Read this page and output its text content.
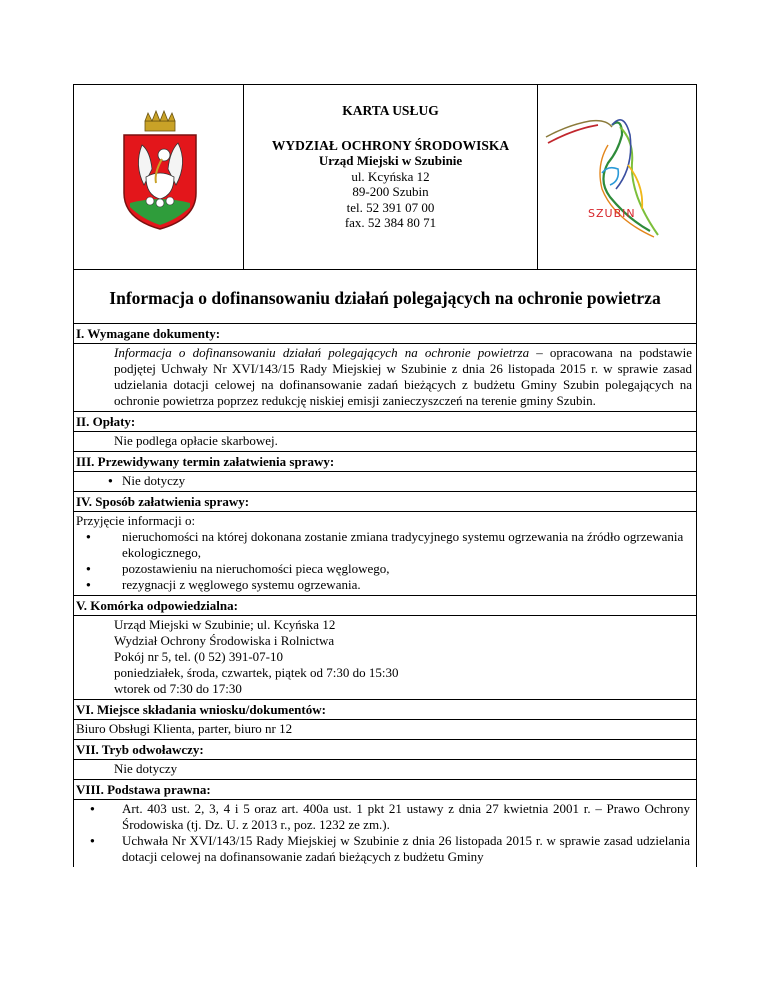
KARTA USŁUG
WYDZIAŁ OCHRONY ŚRODOWISKA
Urząd Miejski w Szubinie
ul. Kcyńska 12
89-200 Szubin
tel. 52 391 07 00
fax. 52 384 80 71

SZUBIN

Informacja o dofinansowaniu działań polegających na ochronie powietrza

I. Wymagane dokumenty:

Informacja o dofinansowaniu działań polegających na ochronie powietrza – opracowana na podstawie podjętej Uchwały Nr XVI/143/15 Rady Miejskiej w Szubinie z dnia 26 listopada 2015 r. w sprawie zasad udzielania dotacji celowej na dofinansowanie zadań bieżących z budżetu Gminy Szubin polegających na ochronie powietrza poprzez redukcję niskiej emisji zanieczyszczeń na terenie gminy Szubin.

II. Opłaty:

Nie podlega opłacie skarbowej.

III. Przewidywany termin załatwienia sprawy:

● Nie dotyczy

IV. Sposób załatwienia sprawy:

Przyjęcie informacji o:
● nieruchomości na której dokonana zostanie zmiana tradycyjnego systemu ogrzewania na źródło ogrzewania ekologicznego,
● pozostawieniu na nieruchomości pieca węglowego,
● rezygnacji z węglowego systemu ogrzewania.

V. Komórka odpowiedzialna:

Urząd Miejski w Szubinie; ul. Kcyńska 12
Wydział Ochrony Środowiska i Rolnictwa
Pokój nr 5, tel. (0 52) 391-07-10
poniedziałek, środa, czwartek, piątek od 7:30 do 15:30
wtorek od 7:30 do 17:30

VI. Miejsce składania wniosku/dokumentów:

Biuro Obsługi Klienta, parter, biuro nr 12

VII. Tryb odwoławczy:

Nie dotyczy

VIII. Podstawa prawna:

● Art. 403 ust. 2, 3, 4 i 5 oraz art. 400a ust. 1 pkt 21 ustawy z dnia 27 kwietnia 2001 r. – Prawo Ochrony Środowiska (tj. Dz. U. z 2013 r., poz. 1232 ze zm.).
● Uchwała Nr XVI/143/15 Rady Miejskiej w Szubinie z dnia 26 listopada 2015 r. w sprawie zasad udzielania dotacji celowej na dofinansowanie zadań bieżących z budżetu Gminy
